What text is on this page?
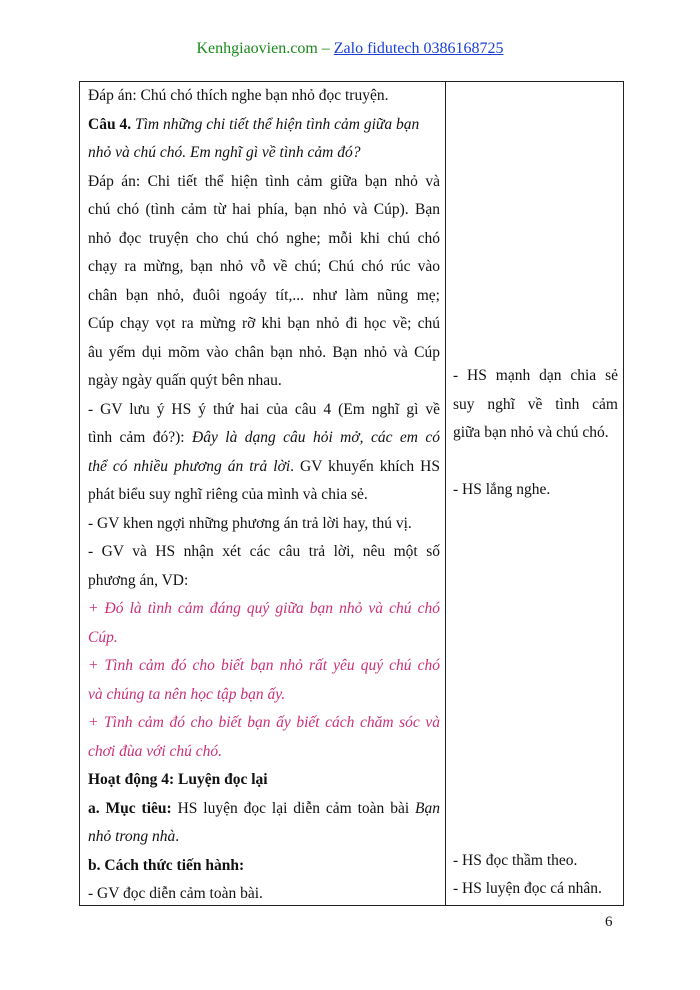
Kenhgiaovien.com – Zalo fidutech 0386168725
Đáp án: Chú chó thích nghe bạn nhỏ đọc truyện.
Câu 4. Tìm những chi tiết thể hiện tình cảm giữa bạn
nhỏ và chú chó. Em nghĩ gì về tình cảm đó?
Đáp án: Chi tiết thể hiện tình cảm giữa bạn nhỏ và
chú chó (tình cảm từ hai phía, bạn nhỏ và Cúp). Bạn
nhỏ đọc truyện cho chú chó nghe; mỗi khi chú chó
chạy ra mừng, bạn nhỏ vỗ về chú; Chú chó rúc vào
chân bạn nhỏ, đuôi ngoáy tít,... như làm nũng mẹ;
Cúp chạy vọt ra mừng rỡ khi bạn nhỏ đi học về; chú
âu yếm dụi mõm vào chân bạn nhỏ. Bạn nhỏ và Cúp
ngày ngày quấn quýt bên nhau.
- GV lưu ý HS ý thứ hai của câu 4 (Em nghĩ gì về
tình cảm đó?): Đây là dạng câu hỏi mở, các em có
thể có nhiều phương án trả lời. GV khuyến khích HS
phát biểu suy nghĩ riêng của mình và chia sẻ.
- GV khen ngợi những phương án trả lời hay, thú vị.
- GV và HS nhận xét các câu trả lời, nêu một số
phương án, VD:
+ Đó là tình cảm đáng quý giữa bạn nhỏ và chú chó
Cúp.
+ Tình cảm đó cho biết bạn nhỏ rất yêu quý chú chó
và chúng ta nên học tập bạn ấy.
+ Tình cảm đó cho biết bạn ấy biết cách chăm sóc và
chơi đùa với chú chó.
Hoạt động 4: Luyện đọc lại
a. Mục tiêu: HS luyện đọc lại diễn cảm toàn bài Bạn
nhỏ trong nhà.
b. Cách thức tiến hành:
- GV đọc diễn cảm toàn bài.
- HS mạnh dạn chia sẻ
suy nghĩ về tình cảm
giữa bạn nhỏ và chú chó.
- HS lắng nghe.
- HS đọc thầm theo.
- HS luyện đọc cá nhân.
6
